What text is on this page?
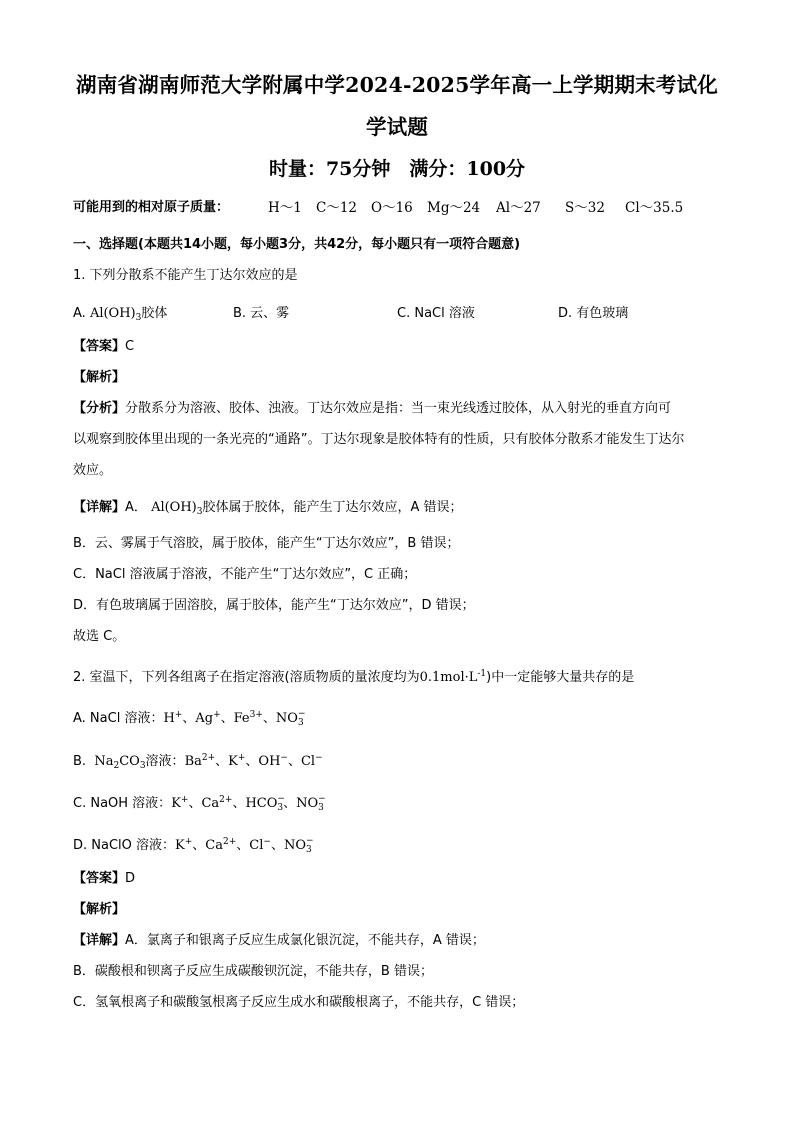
湖南省湖南师范大学附属中学2024-2025学年高一上学期期末考试化
学试题
时量：75分钟　满分：100分
可能用到的相对原子质量：	H～1 C～12 O～16 Mg～24 Al～27 S～32 Cl～35.5
一、选择题(本题共14小题，每小题3分，共42分，每小题只有一项符合题意)
1. 下列分散系不能产生丁达尔效应的是
A. $Al(OH)_3$胶体	B. 云、雾	C. NaCl 溶液	D. 有色玻璃
【答案】C
【解析】
【分析】分散系分为溶液、胶体、浊液。丁达尔效应是指：当一束光线透过胶体，从入射光的垂直方向可
以观察到胶体里出现的一条光亮的“通路”。丁达尔现象是胶体特有的性质，只有胶体分散系才能发生丁达尔
效应。
【详解】A． $Al(OH)_3$胶体属于胶体，能产生丁达尔效应，A 错误；
B．云、雾属于气溶胶，属于胶体，能产生“丁达尔效应”，B 错误；
C．NaCl 溶液属于溶液，不能产生“丁达尔效应”，C 正确；
D．有色玻璃属于固溶胶，属于胶体，能产生“丁达尔效应”，D 错误；
故选 C。
2. 室温下，下列各组离子在指定溶液(溶质物质的量浓度均为$0.1mol\cdot L^{-1}$)中一定能够大量共存的是
A. NaCl 溶液：H+、Ag+、$Fe^{3+}$、NO $_{- 3}$
B. $Na_2CO_3$溶液：$Ba^{2+}$、K+、OH−、Cl−
C. NaOH 溶液：K+、$Ca^{2+}$、HCO $_{- 3}$、NO $_{- 3}$
D. NaClO 溶液：K+、$Ca^{2+}$、Cl−、NO $_{- 3}$
【答案】D
【解析】
【详解】A．氯离子和银离子反应生成氯化银沉淀，不能共存，A 错误；
B．碳酸根和钡离子反应生成碳酸钡沉淀，不能共存，B 错误；
C．氢氧根离子和碳酸氢根离子反应生成水和碳酸根离子，不能共存，C 错误；
